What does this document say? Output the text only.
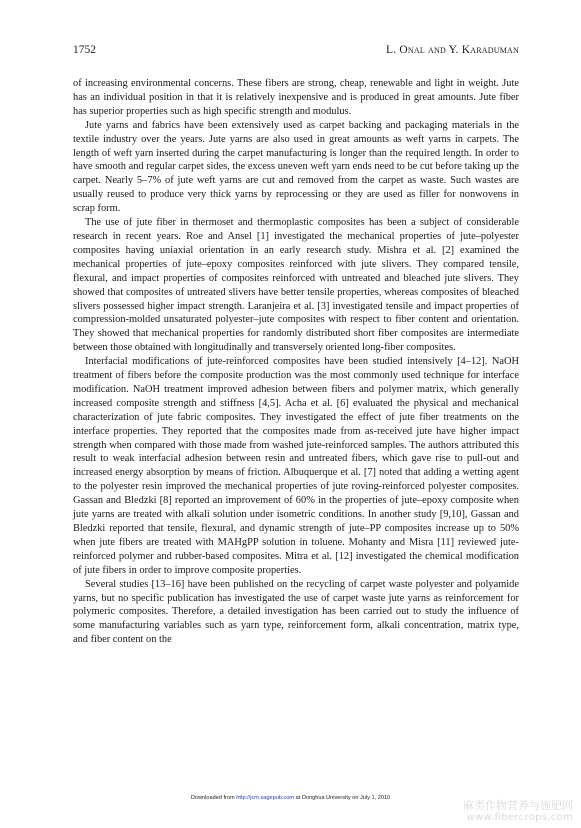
1752	L. Onal and Y. Karaduman

of increasing environmental concerns. These fibers are strong, cheap, renewable and light in weight. Jute has an individual position in that it is relatively inexpensive and is produced in great amounts. Jute fiber has superior properties such as high specific strength and modulus.

Jute yarns and fabrics have been extensively used as carpet backing and packaging materials in the textile industry over the years. Jute yarns are also used in great amounts as weft yarns in carpets. The length of weft yarn inserted during the carpet manufacturing is longer than the required length. In order to have smooth and regular carpet sides, the excess uneven weft yarn ends need to be cut before taking up the carpet. Nearly 5–7% of jute weft yarns are cut and removed from the carpet as waste. Such wastes are usually reused to produce very thick yarns by reprocessing or they are used as filler for nonwovens in scrap form.

The use of jute fiber in thermoset and thermoplastic composites has been a subject of considerable research in recent years. Roe and Ansel [1] investigated the mechanical properties of jute–polyester composites having uniaxial orientation in an early research study. Mishra et al. [2] examined the mechanical properties of jute–epoxy composites reinforced with jute slivers. They compared tensile, flexural, and impact properties of composites reinforced with untreated and bleached jute slivers. They showed that composites of untreated slivers have better tensile properties, whereas composites of bleached slivers possessed higher impact strength. Laranjeira et al. [3] investigated tensile and impact properties of compression-molded unsaturated polyester–jute composites with respect to fiber content and orientation. They showed that mechanical properties for randomly distributed short fiber composites are intermediate between those obtained with longitudinally and transversely oriented long-fiber composites.

Interfacial modifications of jute-reinforced composites have been studied intensively [4–12]. NaOH treatment of fibers before the composite production was the most commonly used technique for interface modification. NaOH treatment improved adhesion between fibers and polymer matrix, which generally increased composite strength and stiffness [4,5]. Acha et al. [6] evaluated the physical and mechanical characterization of jute fabric composites. They investigated the effect of jute fiber treatments on the interface properties. They reported that the composites made from as-received jute have higher impact strength when compared with those made from washed jute-reinforced samples. The authors attributed this result to weak interfacial adhesion between resin and untreated fibers, which gave rise to pull-out and increased energy absorption by means of friction. Albuquerque et al. [7] noted that adding a wetting agent to the polyester resin improved the mechanical properties of jute roving-reinforced polyester composites. Gassan and Bledzki [8] reported an improvement of 60% in the properties of jute–epoxy composite when jute yarns are treated with alkali solution under isometric conditions. In another study [9,10], Gassan and Bledzki reported that tensile, flexural, and dynamic strength of jute–PP composites increase up to 50% when jute fibers are treated with MAHgPP solution in toluene. Mohanty and Misra [11] reviewed jute-reinforced polymer and rubber-based composites. Mitra et al. [12] investigated the chemical modification of jute fibers in order to improve composite properties.

Several studies [13–16] have been published on the recycling of carpet waste polyester and polyamide yarns, but no specific publication has investigated the use of carpet waste jute yarns as reinforcement for polymeric composites. Therefore, a detailed investigation has been carried out to study the influence of some manufacturing variables such as yarn type, reinforcement form, alkali concentration, matrix type, and fiber content on the

Downloaded from http://jcm.sagepub.com at Donghua University on July 1, 2010
麻类作物营养与施肥网
www.fibercrops.com
